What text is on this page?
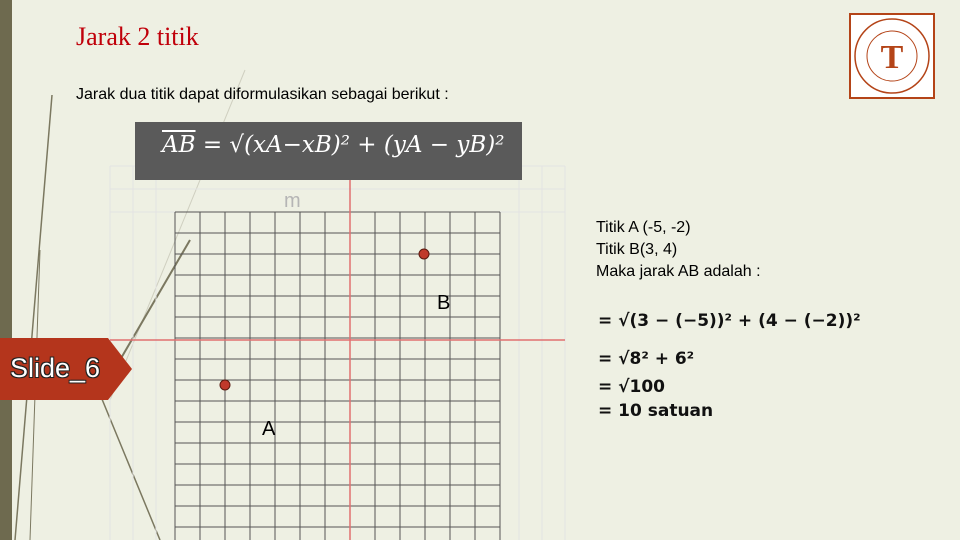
Jarak 2 titik
Jarak dua titik dapat diformulasikan sebagai berikut :
$\overline{AB} = √(xA-xB)^2 + (yA - yB)^2$
m
B
A
T
Titik A (-5, -2)
Titik B(3, 4)
Maka jarak AB adalah :
= √(3 − (−5))² + (4 − (−2))²
= √8² + 6²
= √100
= 10 satuan
Slide_6
